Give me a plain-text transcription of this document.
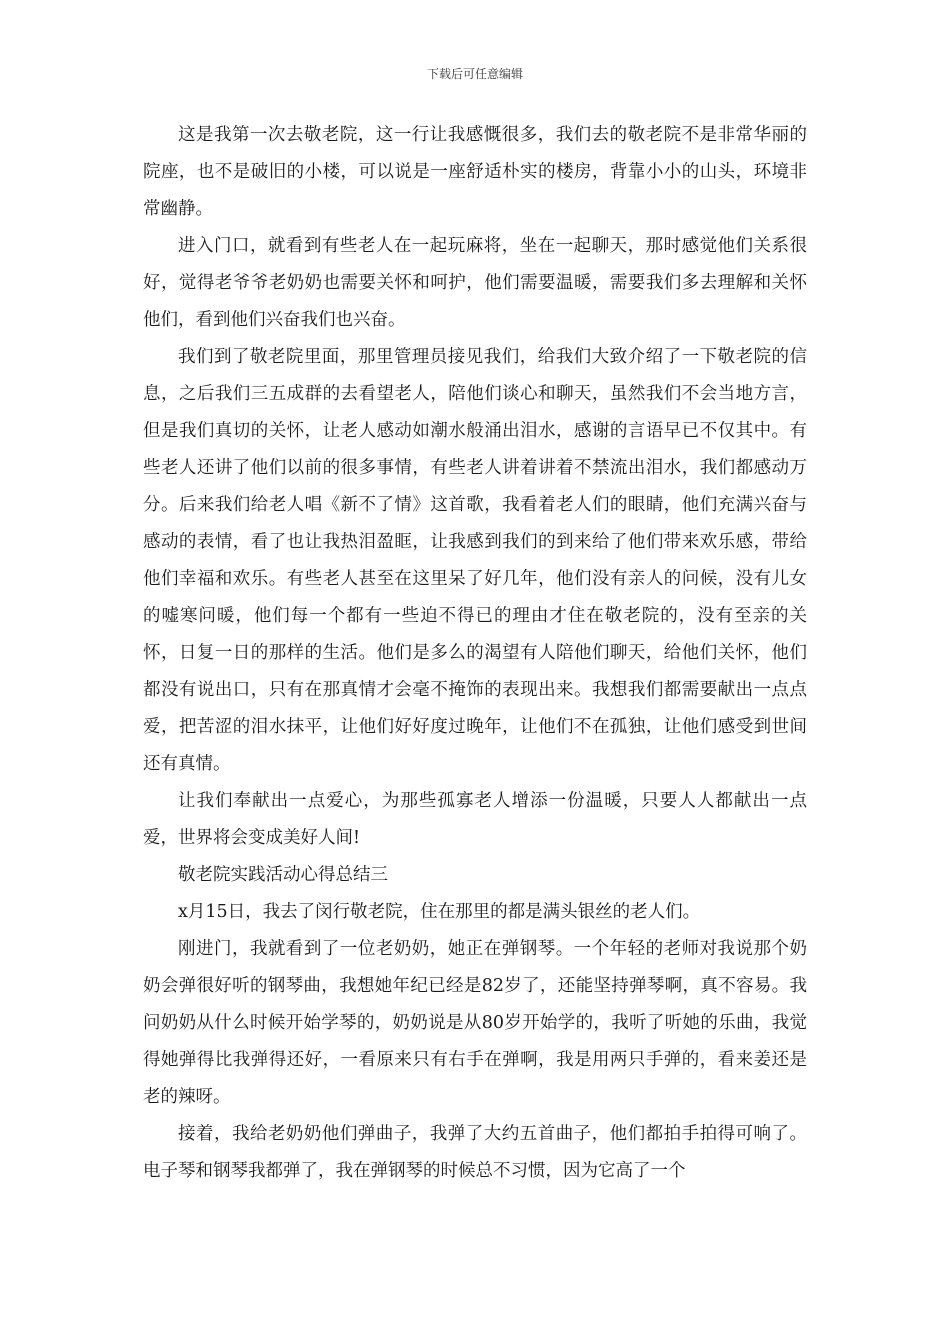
下载后可任意编辑

这是我第一次去敬老院，这一行让我感慨很多，我们去的敬老院不是非常华丽的院座，也不是破旧的小楼，可以说是一座舒适朴实的楼房，背靠小小的山头，环境非常幽静。

进入门口，就看到有些老人在一起玩麻将，坐在一起聊天，那时感觉他们关系很好，觉得老爷爷老奶奶也需要关怀和呵护，他们需要温暖，需要我们多去理解和关怀他们，看到他们兴奋我们也兴奋。

我们到了敬老院里面，那里管理员接见我们，给我们大致介绍了一下敬老院的信息，之后我们三五成群的去看望老人，陪他们谈心和聊天，虽然我们不会当地方言，但是我们真切的关怀，让老人感动如潮水般涌出泪水，感谢的言语早已不仅其中。有些老人还讲了他们以前的很多事情，有些老人讲着讲着不禁流出泪水，我们都感动万分。后来我们给老人唱《新不了情》这首歌，我看着老人们的眼睛，他们充满兴奋与感动的表情，看了也让我热泪盈眶，让我感到我们的到来给了他们带来欢乐感，带给他们幸福和欢乐。有些老人甚至在这里呆了好几年，他们没有亲人的问候，没有儿女的嘘寒问暖，他们每一个都有一些迫不得已的理由才住在敬老院的，没有至亲的关怀，日复一日的那样的生活。他们是多么的渴望有人陪他们聊天，给他们关怀，他们都没有说出口，只有在那真情才会毫不掩饰的表现出来。我想我们都需要献出一点点爱，把苦涩的泪水抹平，让他们好好度过晚年，让他们不在孤独，让他们感受到世间还有真情。

让我们奉献出一点爱心，为那些孤寡老人增添一份温暖，只要人人都献出一点爱，世界将会变成美好人间!

敬老院实践活动心得总结三

x月15日，我去了闵行敬老院，住在那里的都是满头银丝的老人们。

刚进门，我就看到了一位老奶奶，她正在弹钢琴。一个年轻的老师对我说那个奶奶会弹很好听的钢琴曲，我想她年纪已经是82岁了，还能坚持弹琴啊，真不容易。我问奶奶从什么时候开始学琴的，奶奶说是从80岁开始学的，我听了听她的乐曲，我觉得她弹得比我弹得还好，一看原来只有右手在弹啊，我是用两只手弹的，看来姜还是老的辣呀。

接着，我给老奶奶他们弹曲子，我弹了大约五首曲子，他们都拍手拍得可响了。电子琴和钢琴我都弹了，我在弹钢琴的时候总不习惯，因为它高了一个
